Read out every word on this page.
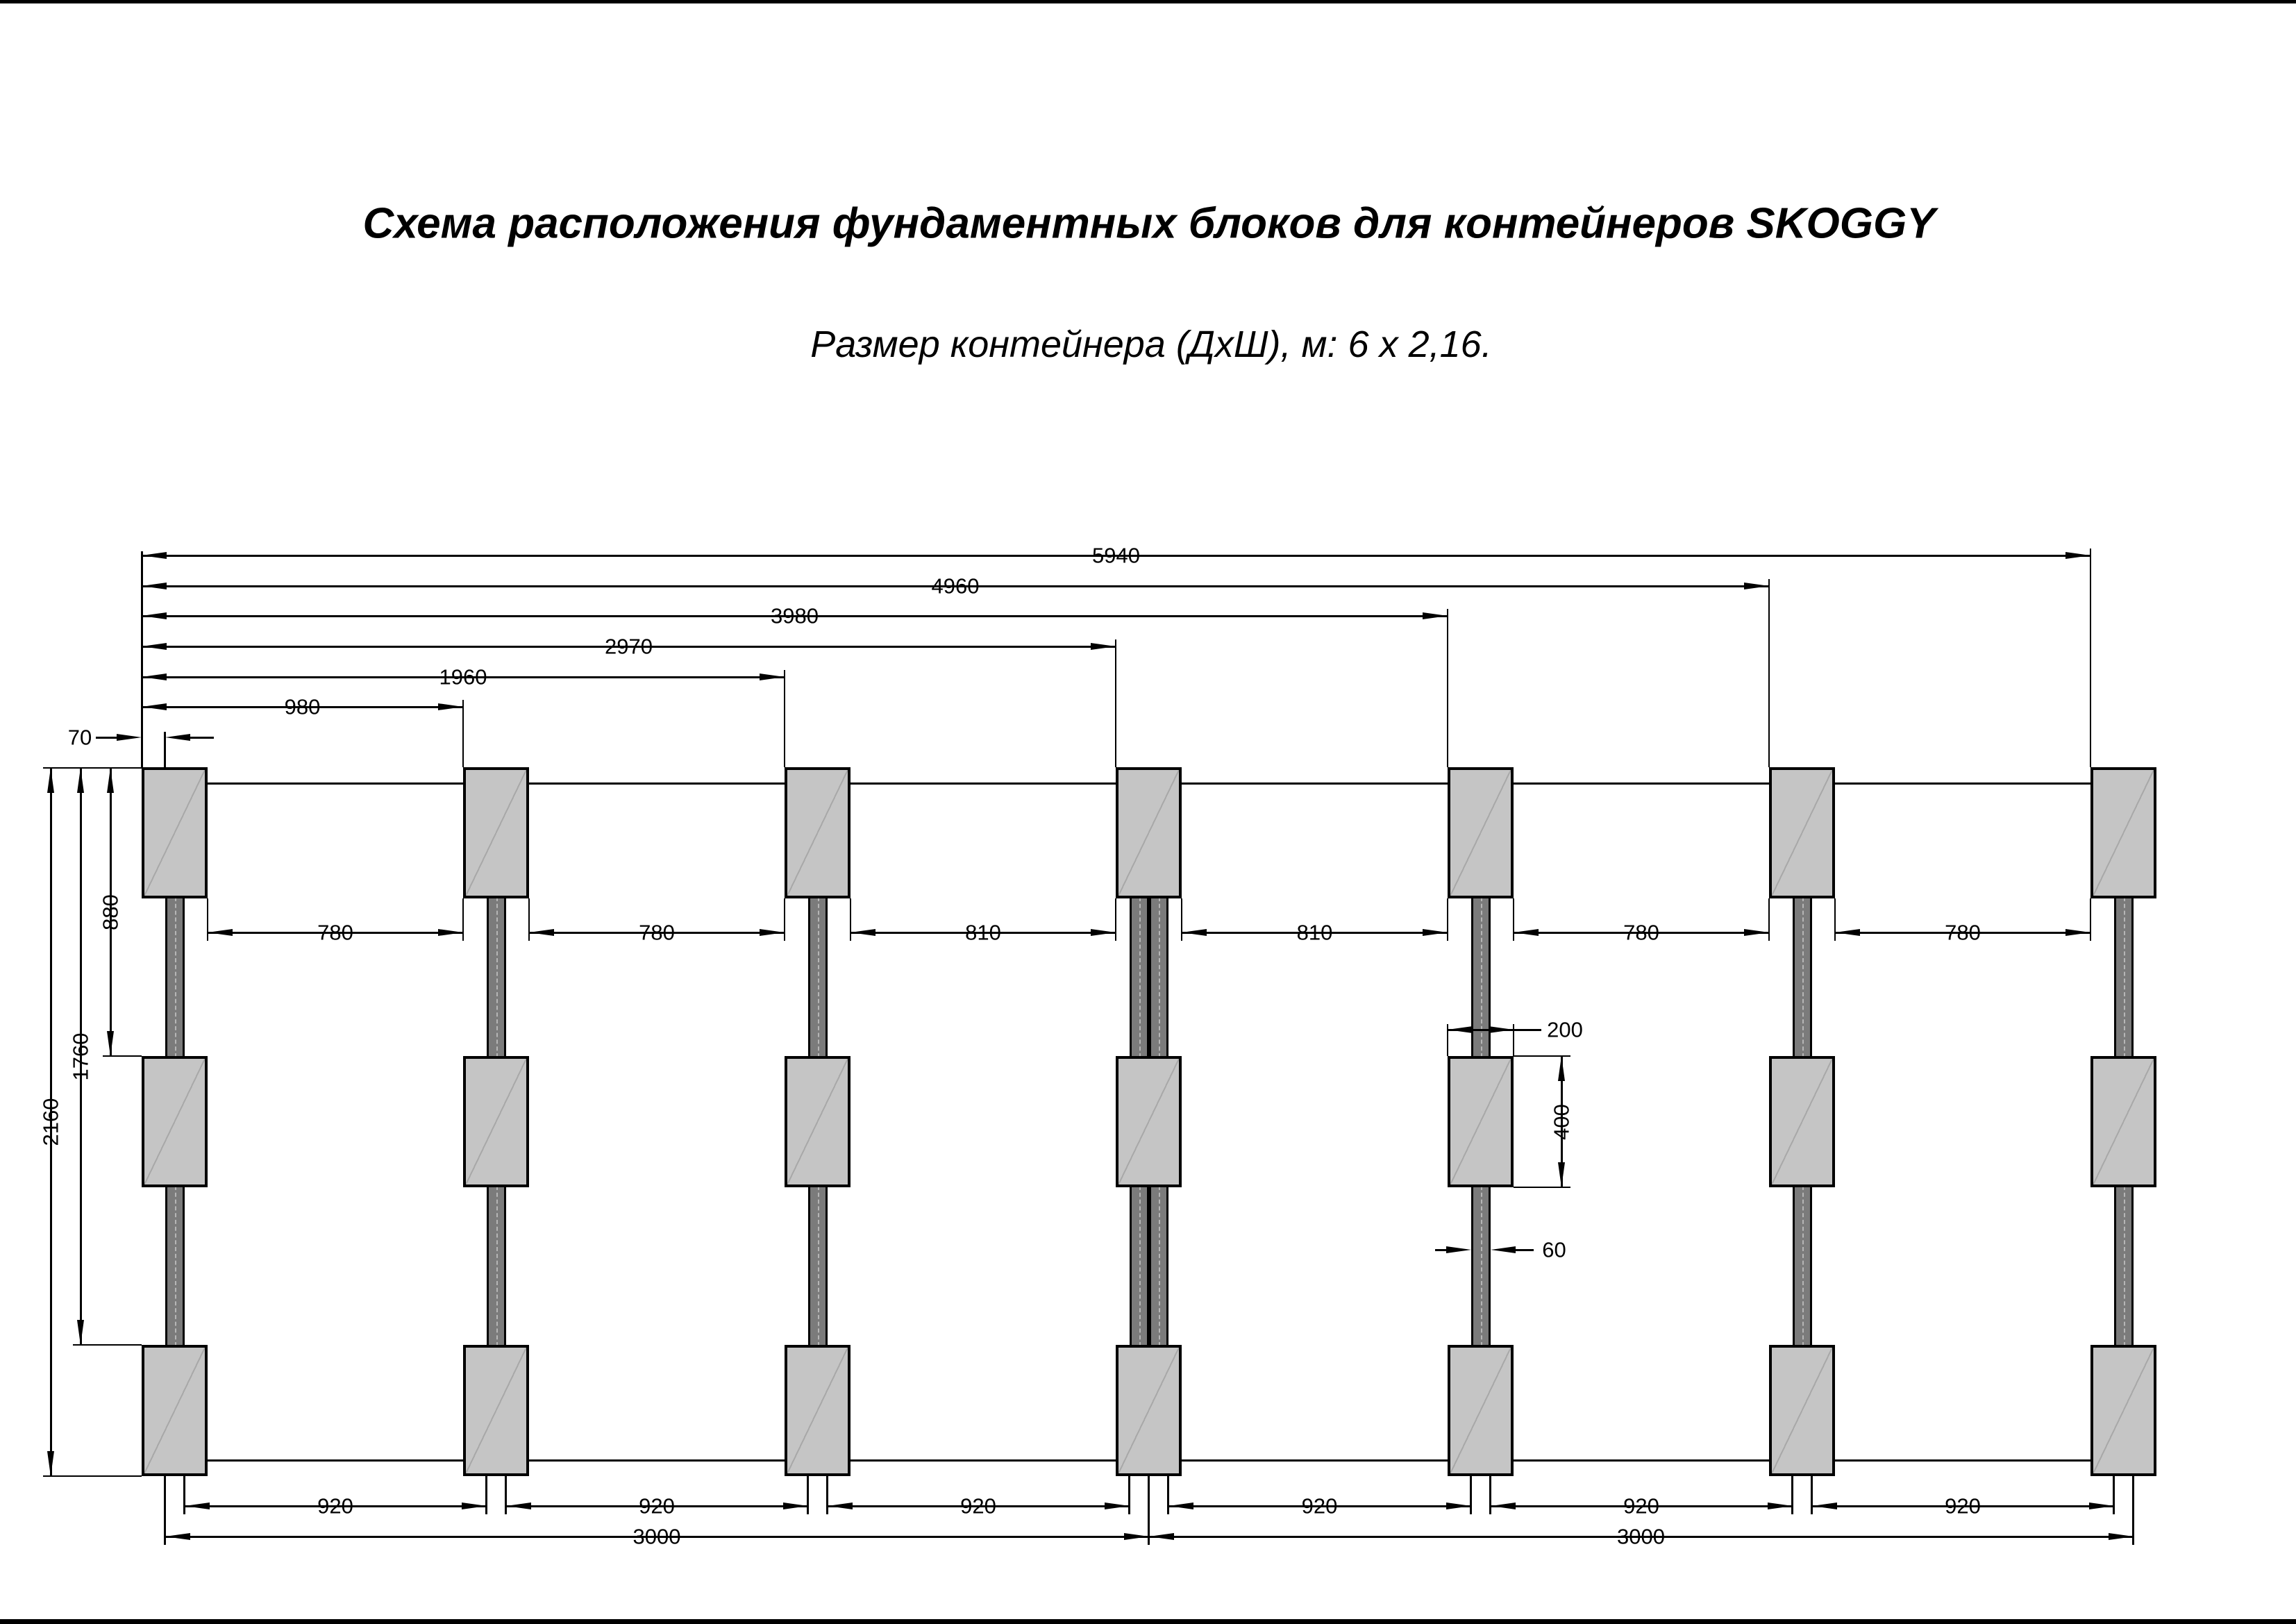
Схема расположения фундаментных блоков для контейнеров SKOGGY
Размер контейнера (ДхШ), м: 6 х 2,16.
5940
4960
3980
2970
1960
980
70
880
1760
2160
780	780	810	810	780	780
200
400
60
920	920	920	920	920	920
3000	3000
